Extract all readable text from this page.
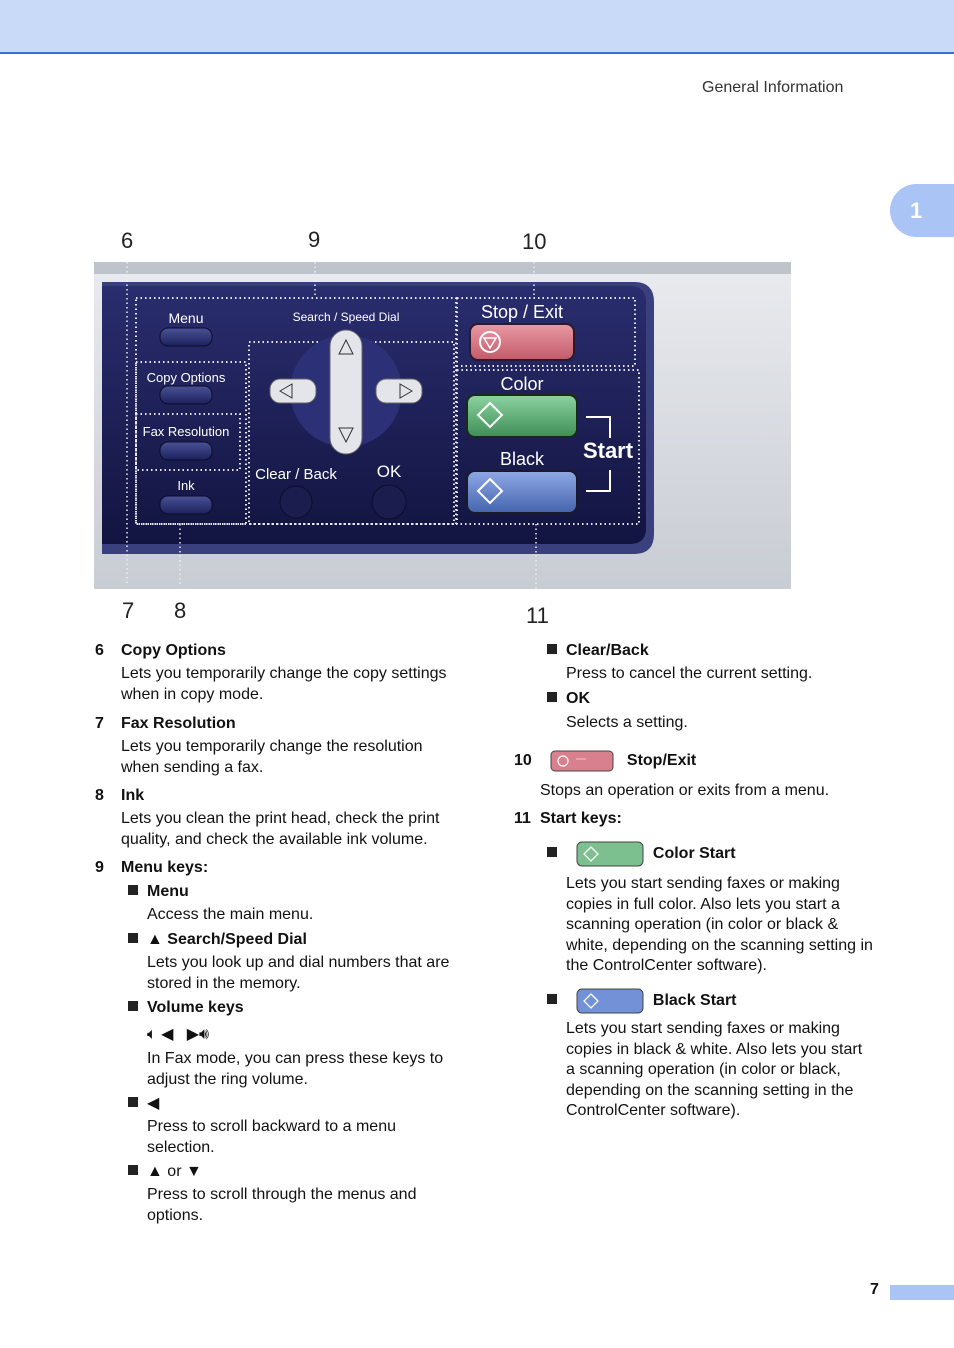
General Information
1
6	9	10
7 8	11
Menu	Search / Speed Dial
Copy Options
Fax Resolution
Ink
Clear / Back OK
Stop / Exit
Color
Black Start
6 Copy Options
Lets you temporarily change the copy settings
when in copy mode.
7 Fax Resolution
Lets you temporarily change the resolution
when sending a fax.
8 Ink
Lets you clean the print head, check the print
quality, and check the available ink volume.
9 Menu keys:
Menu
Access the main menu.
▲ Search/Speed Dial
Lets you look up and dial numbers that are
stored in the memory.
Volume keys
🔈︎ ◀ ▶🔊︎
In Fax mode, you can press these keys to
adjust the ring volume.
◀
Press to scroll backward to a menu
selection.
▲ or ▼
Press to scroll through the menus and
options.
Clear/Back
Press to cancel the current setting.
OK
Selects a setting.
10	Stop/Exit
Stops an operation or exits from a menu.
11 Start keys:
Color Start
Lets you start sending faxes or making
copies in full color. Also lets you start a
scanning operation (in color or black &
white, depending on the scanning setting in
the ControlCenter software).
Black Start
Lets you start sending faxes or making
copies in black & white. Also lets you start
a scanning operation (in color or black,
depending on the scanning setting in the
ControlCenter software).
7
